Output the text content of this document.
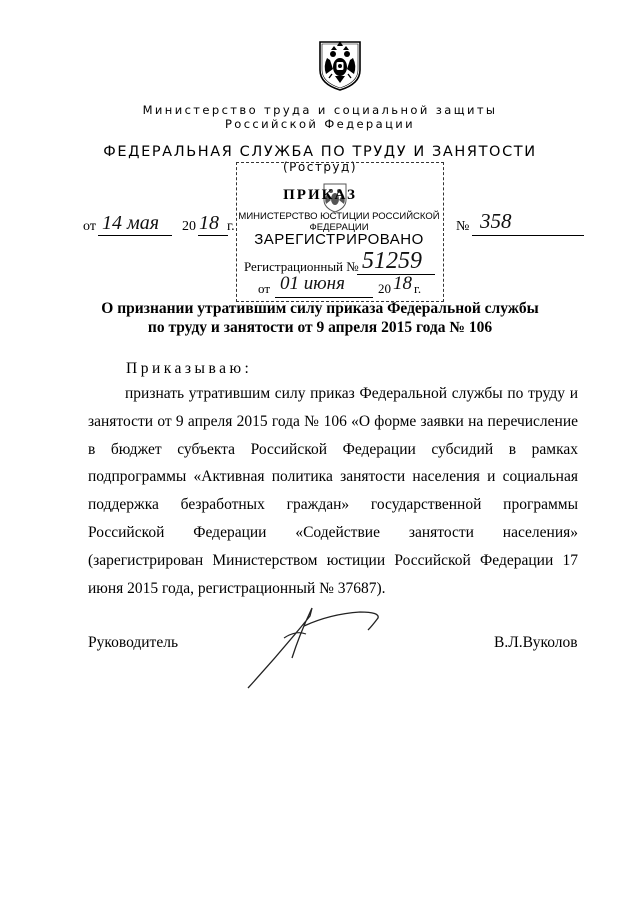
Министерство труда и социальной защиты
Российской Федерации
ФЕДЕРАЛЬНАЯ СЛУЖБА ПО ТРУДУ И ЗАНЯТОСТИ
(Роструд)
ПРИКАЗ
МИНИСТЕРСТВО ЮСТИЦИИ РОССИЙСКОЙ ФЕДЕРАЦИИ
от 14 мая 20 18 г.	№ 358
ЗАРЕГИСТРИРОВАНО
Регистрационный № 51259
от 01 июня	20 18 г.
О признании утратившим силу приказа Федеральной службы
по труду и занятости от 9 апреля 2015 года № 106
Приказываю:

признать утратившим силу приказ Федеральной службы по труду и занятости от 9 апреля 2015 года № 106 «О форме заявки на перечисление в бюджет субъекта Российской Федерации субсидий в рамках подпрограммы «Активная политика занятости населения и социальная поддержка безработных граждан» государственной программы Российской Федерации «Содействие занятости населения» (зарегистрирован Министерством юстиции Российской Федерации 17 июня 2015 года, регистрационный № 37687).

Руководитель	В.Л.Вуколов
